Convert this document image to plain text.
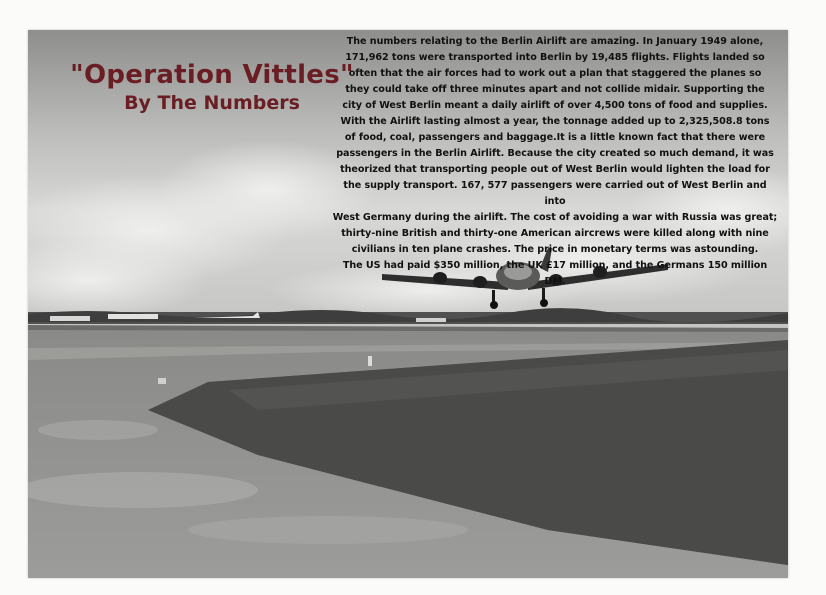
"Operation Vittles"
By The Numbers
The numbers relating to the Berlin Airlift are amazing. In January 1949 alone,
171,962 tons were transported into Berlin by 19,485 flights. Flights landed so
often that the air forces had to work out a plan that staggered the planes so
they could take off three minutes apart and not collide midair. Supporting the
city of West Berlin meant a daily airlift of over 4,500 tons of food and supplies.
With the Airlift lasting almost a year, the tonnage added up to 2,325,508.8 tons
of food, coal, passengers and baggage.It is a little known fact that there were
passengers in the Berlin Airlift. Because the city created so much demand, it was
theorized that transporting people out of West Berlin would lighten the load for
the supply transport. 167, 577 passengers were carried out of West Berlin and into
West Germany during the airlift. The cost of avoiding a war with Russia was great;
thirty-nine British and thirty-one American aircrews were killed along with nine
civilians in ten plane crashes. The price in monetary terms was astounding.
The US had paid $350 million, the UK £17 million, and the Germans 150 million DM.
